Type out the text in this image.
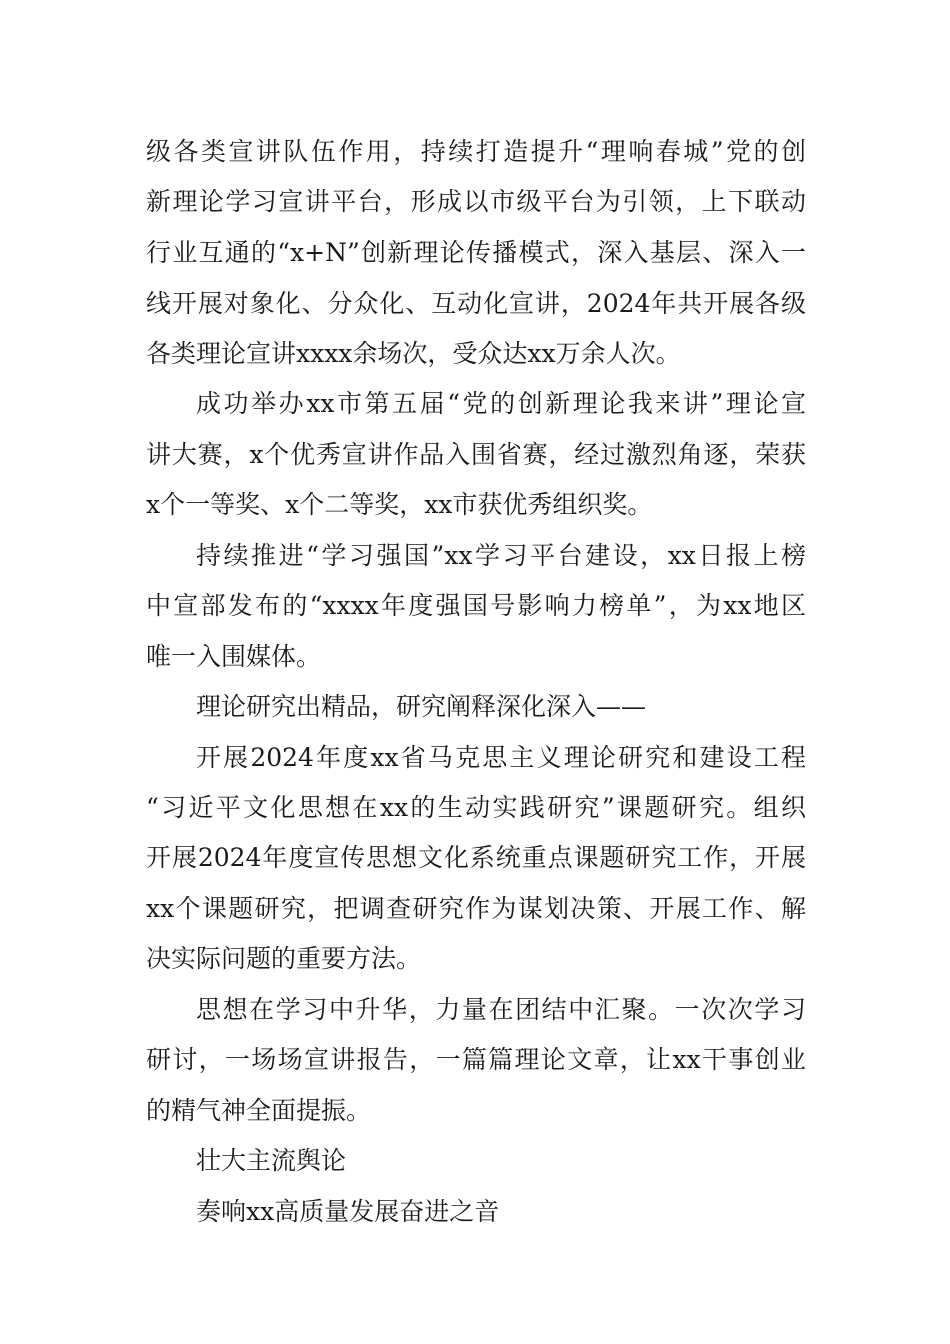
级各类宣讲队伍作用，持续打造提升“理响春城”党的创
新理论学习宣讲平台，形成以市级平台为引领，上下联动
行业互通的“x+N”创新理论传播模式，深入基层、深入一
线开展对象化、分众化、互动化宣讲，2024年共开展各级
各类理论宣讲xxxx余场次，受众达xx万余人次。
成功举办xx市第五届“党的创新理论我来讲”理论宣
讲大赛，x个优秀宣讲作品入围省赛，经过激烈角逐，荣获
x个一等奖、x个二等奖，xx市获优秀组织奖。
持续推进“学习强国”xx学习平台建设，xx日报上榜
中宣部发布的“xxxx年度强国号影响力榜单”，为xx地区
唯一入围媒体。
理论研究出精品，研究阐释深化深入——
开展2024年度xx省马克思主义理论研究和建设工程
“习近平文化思想在xx的生动实践研究”课题研究。组织
开展2024年度宣传思想文化系统重点课题研究工作，开展
xx个课题研究，把调查研究作为谋划决策、开展工作、解
决实际问题的重要方法。
思想在学习中升华，力量在团结中汇聚。一次次学习
研讨，一场场宣讲报告，一篇篇理论文章，让xx干事创业
的精气神全面提振。
壮大主流舆论
奏响xx高质量发展奋进之音
